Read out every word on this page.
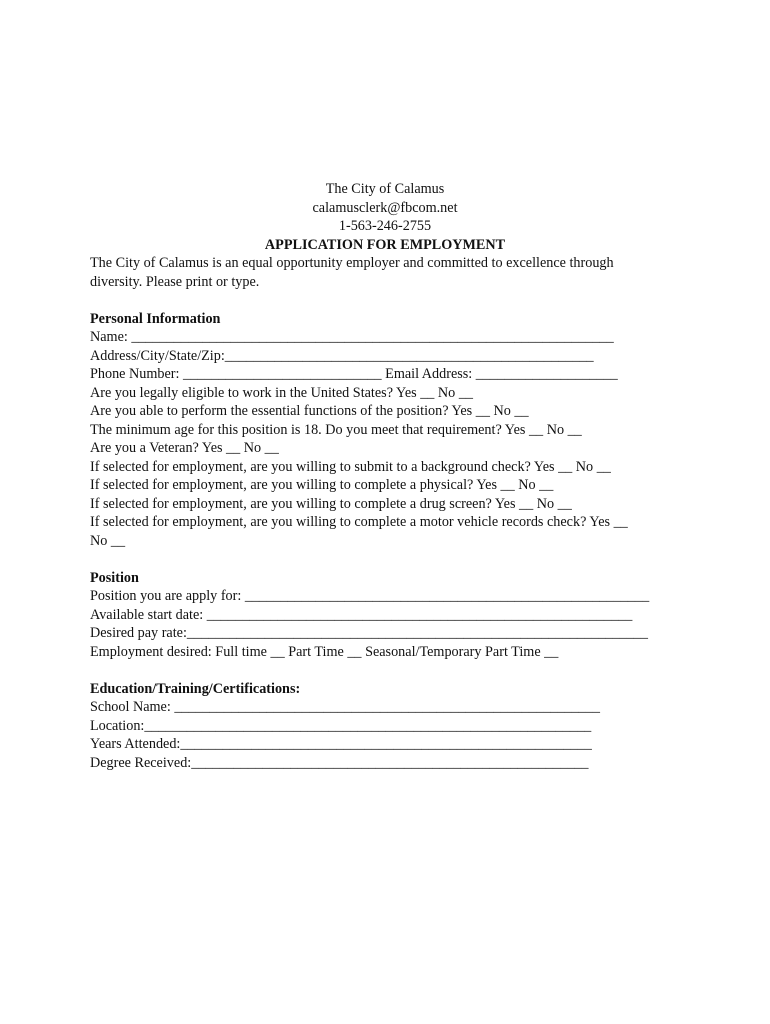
The City of Calamus
calamusclerk@fbcom.net
1-563-246-2755
APPLICATION FOR EMPLOYMENT
The City of Calamus is an equal opportunity employer and committed to excellence through
diversity. Please print or type.
Personal Information
Name: ____________________________________________________________________
Address/City/State/Zip:____________________________________________________
Phone Number: ____________________________ Email Address: ____________________
Are you legally eligible to work in the United States? Yes __ No __
Are you able to perform the essential functions of the position? Yes __ No __
The minimum age for this position is 18. Do you meet that requirement? Yes __ No __
Are you a Veteran? Yes __ No __
If selected for employment, are you willing to submit to a background check? Yes __ No __
If selected for employment, are you willing to complete a physical? Yes __ No __
If selected for employment, are you willing to complete a drug screen? Yes __ No __
If selected for employment, are you willing to complete a motor vehicle records check? Yes __
No __
Position
Position you are apply for: _________________________________________________________
Available start date: ____________________________________________________________
Desired pay rate:_________________________________________________________________
Employment desired: Full time __ Part Time __ Seasonal/Temporary Part Time __
Education/Training/Certifications:
School Name: ____________________________________________________________
Location:_______________________________________________________________
Years Attended:__________________________________________________________
Degree Received:________________________________________________________
